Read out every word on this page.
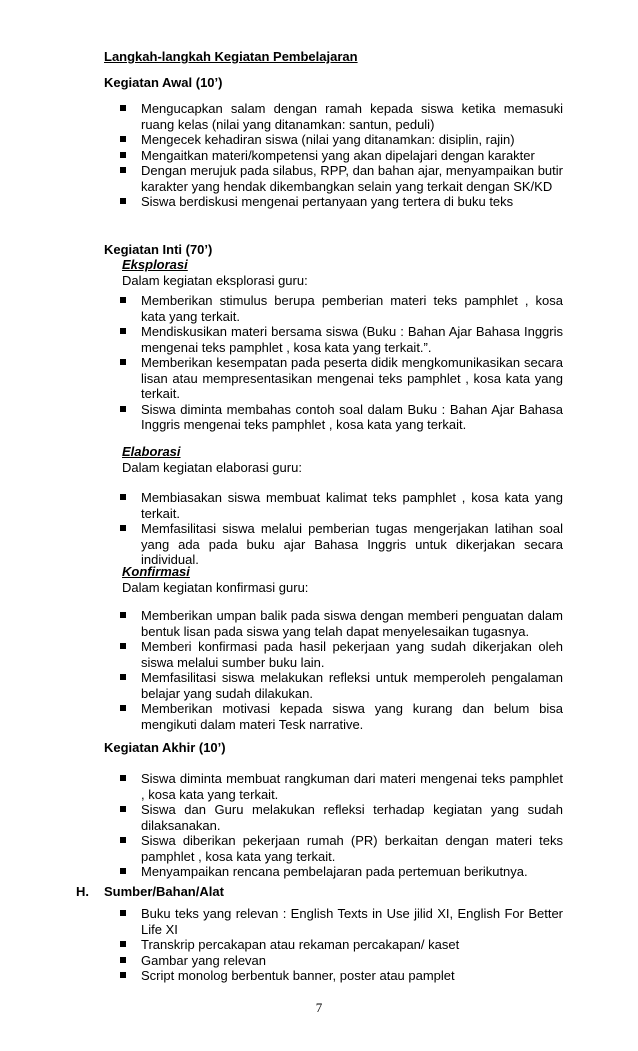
Langkah-langkah Kegiatan Pembelajaran
Kegiatan Awal (10’)
Mengucapkan salam dengan ramah kepada siswa ketika memasuki ruang kelas (nilai yang ditanamkan: santun, peduli)
Mengecek kehadiran siswa (nilai yang ditanamkan: disiplin, rajin)
Mengaitkan materi/kompetensi yang akan dipelajari dengan karakter
Dengan merujuk pada silabus, RPP, dan bahan ajar, menyampaikan butir karakter yang hendak dikembangkan selain yang terkait dengan SK/KD
Siswa berdiskusi mengenai pertanyaan yang tertera di buku teks
Kegiatan Inti (70’)
Eksplorasi
Dalam kegiatan eksplorasi guru:
Memberikan stimulus berupa pemberian materi teks pamphlet , kosa kata yang terkait.
Mendiskusikan materi bersama siswa (Buku : Bahan Ajar Bahasa Inggris mengenai teks pamphlet , kosa kata yang terkait.”.
Memberikan kesempatan pada peserta didik mengkomunikasikan secara lisan atau mempresentasikan mengenai teks pamphlet , kosa kata yang terkait.
Siswa diminta membahas contoh soal dalam Buku : Bahan Ajar Bahasa Inggris mengenai teks pamphlet , kosa kata yang terkait.
Elaborasi
Dalam kegiatan elaborasi guru:
Membiasakan siswa membuat kalimat teks pamphlet , kosa kata yang terkait.
Memfasilitasi siswa melalui pemberian tugas mengerjakan latihan soal yang ada pada buku ajar Bahasa Inggris untuk dikerjakan secara individual.
Konfirmasi
Dalam kegiatan konfirmasi guru:
Memberikan umpan balik pada siswa dengan memberi penguatan dalam bentuk lisan pada siswa yang telah dapat menyelesaikan tugasnya.
Memberi konfirmasi pada hasil pekerjaan yang sudah dikerjakan oleh siswa melalui sumber buku lain.
Memfasilitasi siswa melakukan refleksi untuk memperoleh pengalaman belajar yang sudah dilakukan.
Memberikan motivasi kepada siswa yang kurang dan belum bisa mengikuti dalam materi Tesk narrative.
Kegiatan Akhir (10’)
Siswa diminta membuat rangkuman dari materi mengenai teks pamphlet , kosa kata yang terkait.
Siswa dan Guru melakukan refleksi terhadap kegiatan yang sudah dilaksanakan.
Siswa diberikan pekerjaan rumah (PR) berkaitan dengan materi teks pamphlet , kosa kata yang terkait.
Menyampaikan rencana pembelajaran pada pertemuan berikutnya.
H. Sumber/Bahan/Alat
Buku teks yang relevan : English Texts in Use jilid XI, English For Better Life XI
Transkrip percakapan atau rekaman percakapan/ kaset
Gambar yang relevan
Script monolog berbentuk banner, poster atau pamplet
7
